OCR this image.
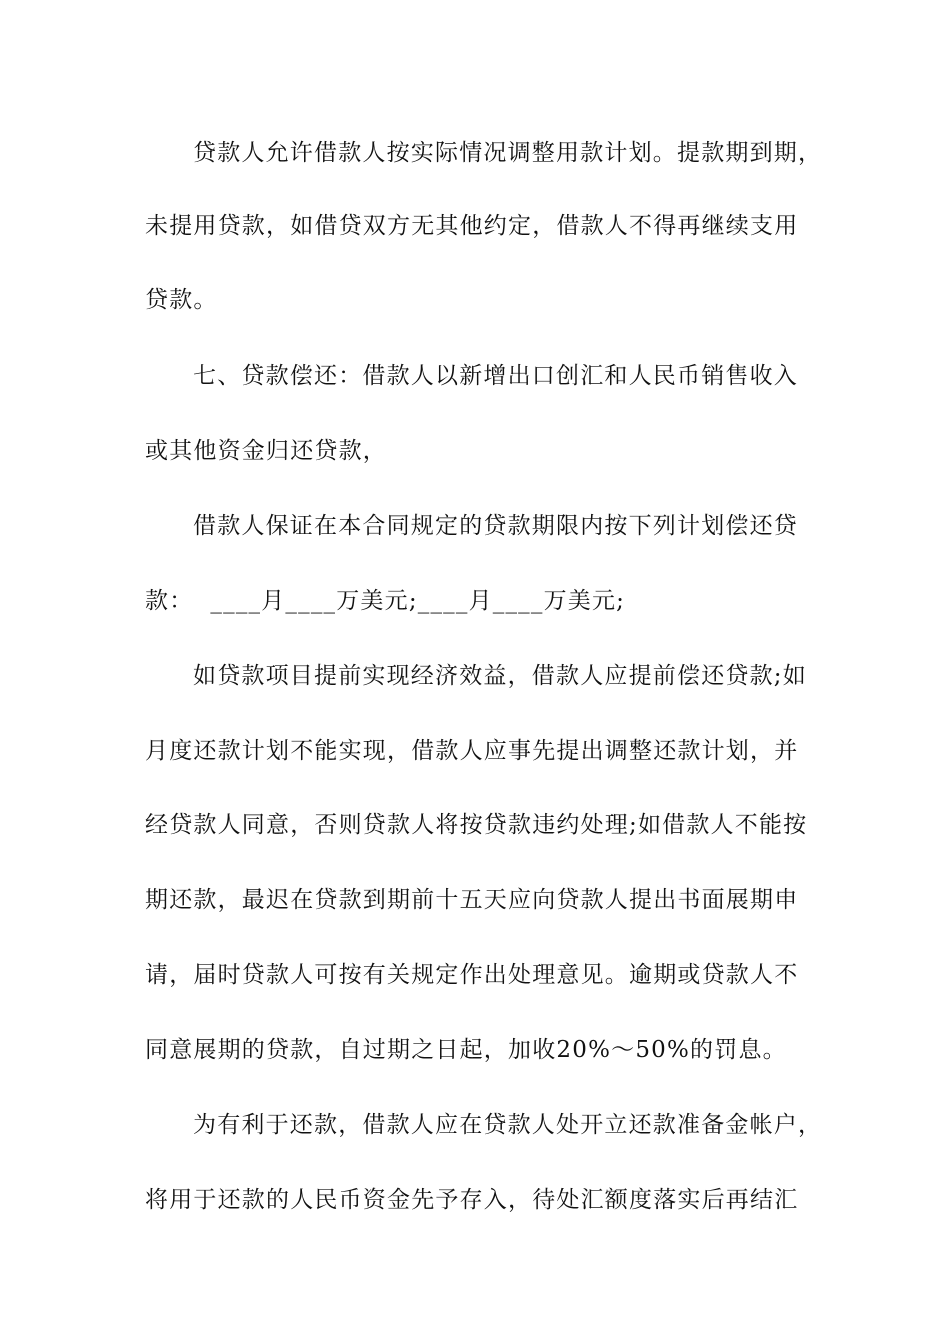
贷款人允许借款人按实际情况调整用款计划。提款期到期，
未提用贷款，如借贷双方无其他约定，借款人不得再继续支用
贷款。
七、贷款偿还：借款人以新增出口创汇和人民币销售收入
或其他资金归还贷款，
借款人保证在本合同规定的贷款期限内按下列计划偿还贷
款：  ____月____万美元;____月____万美元;
如贷款项目提前实现经济效益，借款人应提前偿还贷款;如
月度还款计划不能实现，借款人应事先提出调整还款计划，并
经贷款人同意，否则贷款人将按贷款违约处理;如借款人不能按
期还款，最迟在贷款到期前十五天应向贷款人提出书面展期申
请，届时贷款人可按有关规定作出处理意见。逾期或贷款人不
同意展期的贷款，自过期之日起，加收20%～50%的罚息。
为有利于还款，借款人应在贷款人处开立还款准备金帐户，
将用于还款的人民币资金先予存入，待处汇额度落实后再结汇
